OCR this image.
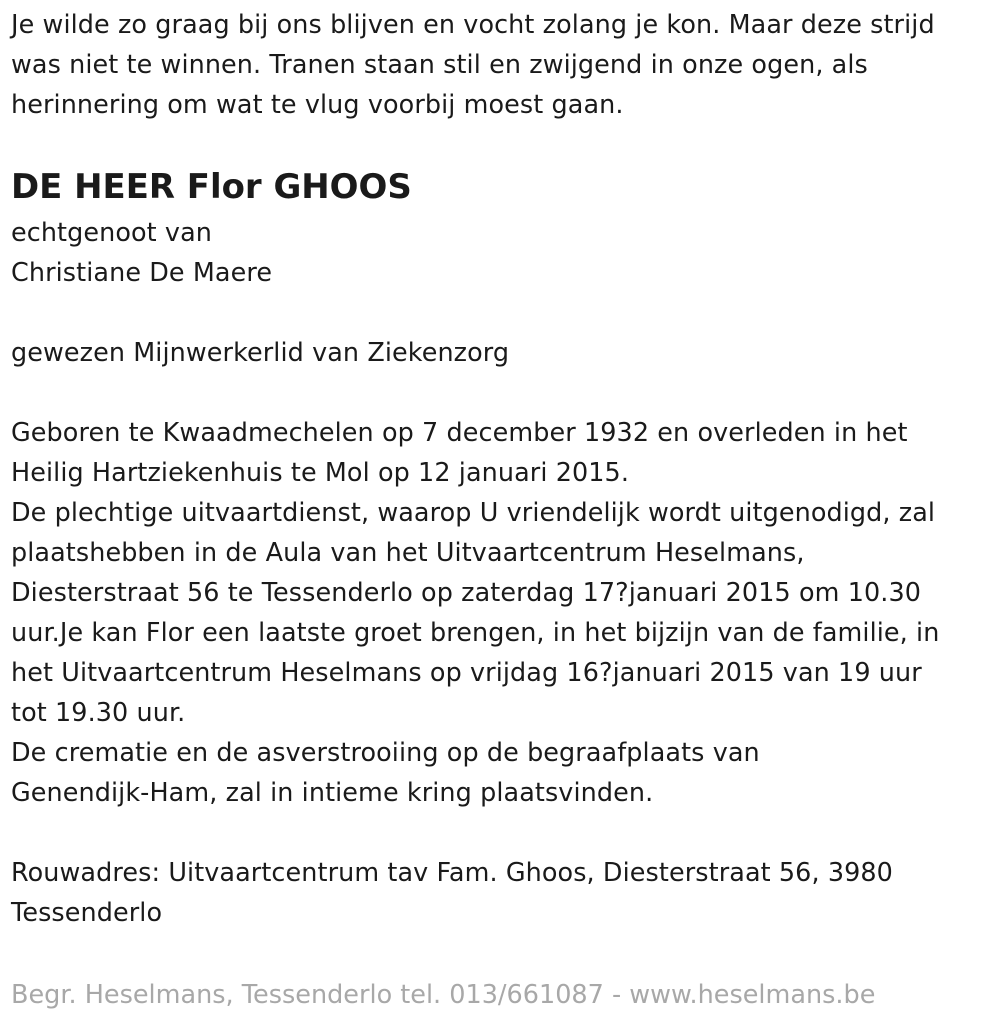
Je wilde zo graag bij ons blijven en vocht zolang je kon. Maar deze strijd
was niet te winnen. Tranen staan stil en zwijgend in onze ogen, als
herinnering om wat te vlug voorbij moest gaan.
DE HEER Flor GHOOS
echtgenoot van
Christiane De Maere
gewezen Mijnwerkerlid van Ziekenzorg
Geboren te Kwaadmechelen op 7 december 1932 en overleden in het
Heilig Hartziekenhuis te Mol op 12 januari 2015.
De plechtige uitvaartdienst, waarop U vriendelijk wordt uitgenodigd, zal
plaatshebben in de Aula van het Uitvaartcentrum Heselmans,
Diesterstraat 56 te Tessenderlo op zaterdag 17?januari 2015 om 10.30
uur.Je kan Flor een laatste groet brengen, in het bijzijn van de familie, in
het Uitvaartcentrum Heselmans op vrijdag 16?januari 2015 van 19 uur
tot 19.30 uur.
De crematie en de asverstrooiing op de begraafplaats van
Genendijk-Ham, zal in intieme kring plaatsvinden.
Rouwadres: Uitvaartcentrum tav Fam. Ghoos, Diesterstraat 56, 3980
Tessenderlo
Begr. Heselmans, Tessenderlo tel. 013/661087 - www.heselmans.be
